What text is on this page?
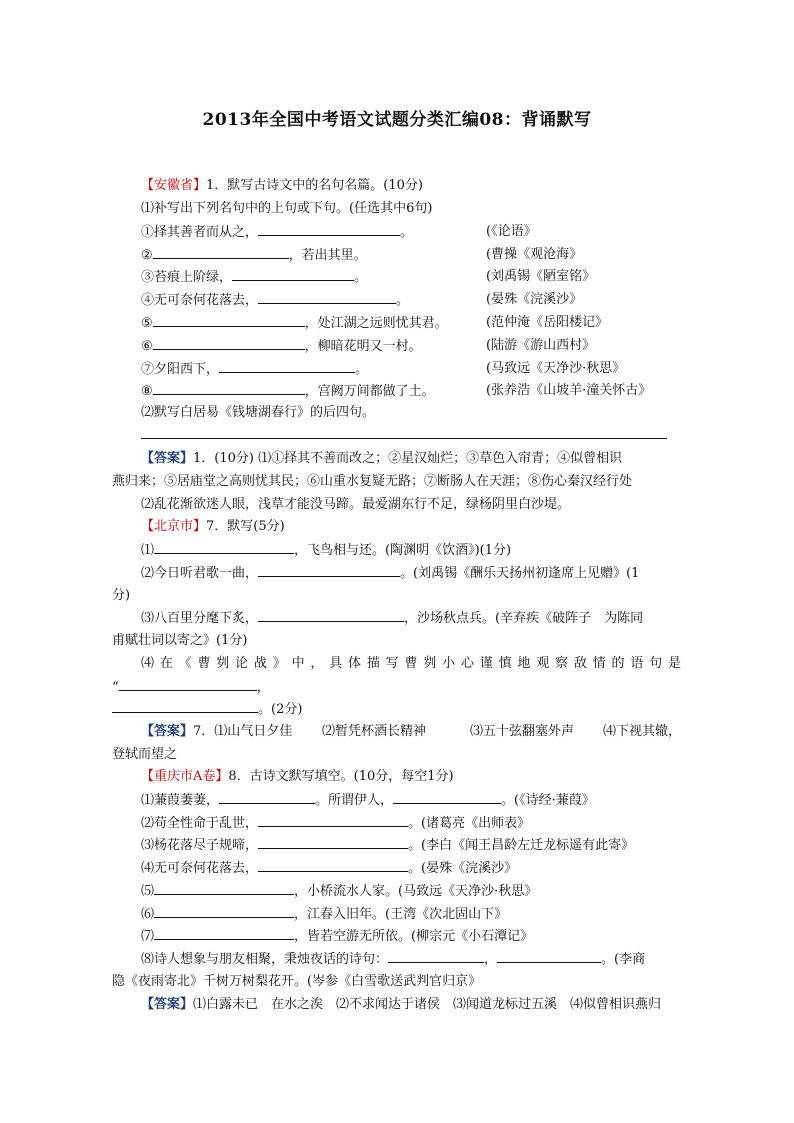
2013年全国中考语文试题分类汇编08：背诵默写
【安徽省】1．默写古诗文中的名句名篇。(10分)
⑴补写出下列名句中的上句或下句。(任选其中6句)
①择其善者而从之，	。	(《论语》
②	，若出其里。	(曹操《观沧海》
③苔痕上阶绿，	。	(刘禹锡《陋室铭》
④无可奈何花落去，	。	(晏殊《浣溪沙》
⑤	，处江湖之远则忧其君。	(范仲淹《岳阳楼记》
⑥	，柳暗花明又一村。	(陆游《游山西村》
⑦夕阳西下，	。	(马致远《天净沙·秋思》
⑧	，宫阙万间都做了土。	(张养浩《山坡羊·潼关怀古》
⑵默写白居易《钱塘湖春行》的后四句。
【答案】1．(10分) ⑴①择其不善而改之；②星汉灿烂；③草色入帘青；④似曾相识
燕归来；⑤居庙堂之高则忧其民；⑥山重水复疑无路；⑦断肠人在天涯；⑧伤心秦汉经行处
⑵乱花渐欲迷人眼，浅草才能没马蹄。最爱湖东行不足，绿杨阴里白沙堤。
【北京市】7．默写(5分)
⑴	，飞鸟相与还。(陶渊明《饮酒》)(1分)
⑵今日听君歌一曲，	。(刘禹锡《酬乐天扬州初逢席上见赠》(1
分)
⑶八百里分麾下炙，	，沙场秋点兵。(辛弃疾《破阵子　为陈同
甫赋壮词以寄之》(1分)
⑷在《曹刿论战》中，具体描写曹刿小心谨慎地观察敌情的语句是
“	，
。(2分)
【答案】7．⑴山气日夕佳 ⑵暂凭杯酒长精神	⑶五十弦翻塞外声 ⑷下视其辙，
登轼而望之
【重庆市A卷】8．古诗文默写填空。(10分，每空1分)
⑴蒹葭萋萋，	。所谓伊人，	。(《诗经·蒹葭》
⑵苟全性命于乱世，	。(诸葛亮《出师表》
⑶杨花落尽子规啼，	。(李白《闻王昌龄左迁龙标遥有此寄》
⑷无可奈何花落去，	。(晏殊《浣溪沙》
⑸	，小桥流水人家。(马致远《天净沙·秋思》
⑹	，江春入旧年。(王湾《次北固山下》
⑺	，皆若空游无所依。(柳宗元《小石潭记》
⑻诗人想象与朋友相聚，秉烛夜话的诗句：	，	。(李商
隐《夜雨寄北》千树万树梨花开。(岑参《白雪歌送武判官归京》
【答案】⑴白露未已　在水之涘　⑵不求闻达于诸侯　⑶闻道龙标过五溪　⑷似曾相识燕归
